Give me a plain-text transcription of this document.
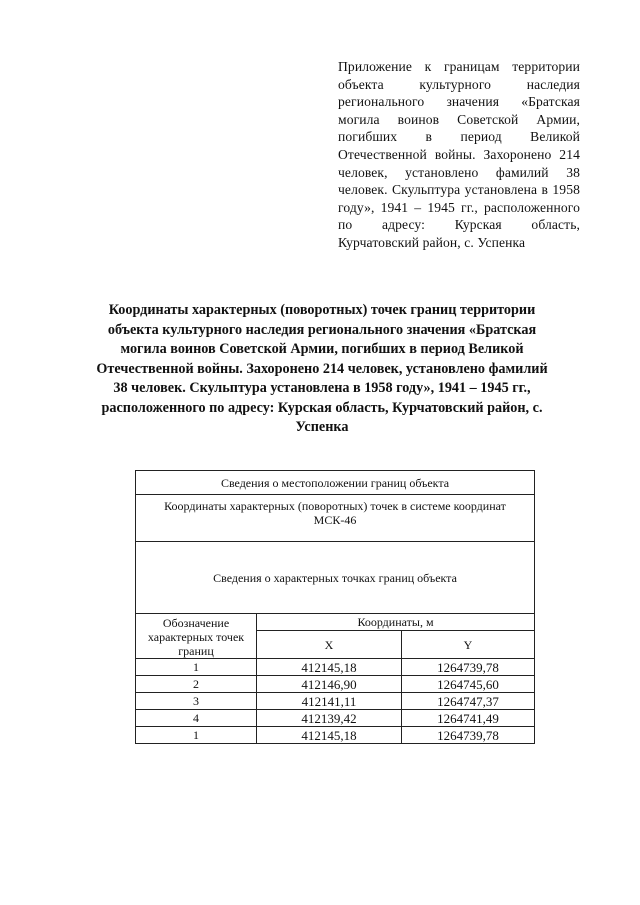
Приложение к границам территории объекта культурного наследия регионального значения «Братская могила воинов Советской Армии, погибших в период Великой Отечественной войны. Захоронено 214 человек, установлено фамилий 38 человек. Скульптура установлена в 1958 году», 1941 – 1945 гг., расположенного по адресу: Курская область, Курчатовский район, с. Успенка
Координаты характерных (поворотных) точек границ территории объекта культурного наследия регионального значения «Братская могила воинов Советской Армии, погибших в период Великой Отечественной войны. Захоронено 214 человек, установлено фамилий 38 человек. Скульптура установлена в 1958 году», 1941 – 1945 гг., расположенного по адресу: Курская область, Курчатовский район, с. Успенка
Сведения о местоположении границ объекта		
Координаты характерных (поворотных) точек в системе координат МСК-46		
Сведения о характерных точках границ объекта		
Обозначение характерных точек границ	Координаты, м	
	X	Y
1	412145,18	1264739,78
2	412146,90	1264745,60
3	412141,11	1264747,37
4	412139,42	1264741,49
1	412145,18	1264739,78
